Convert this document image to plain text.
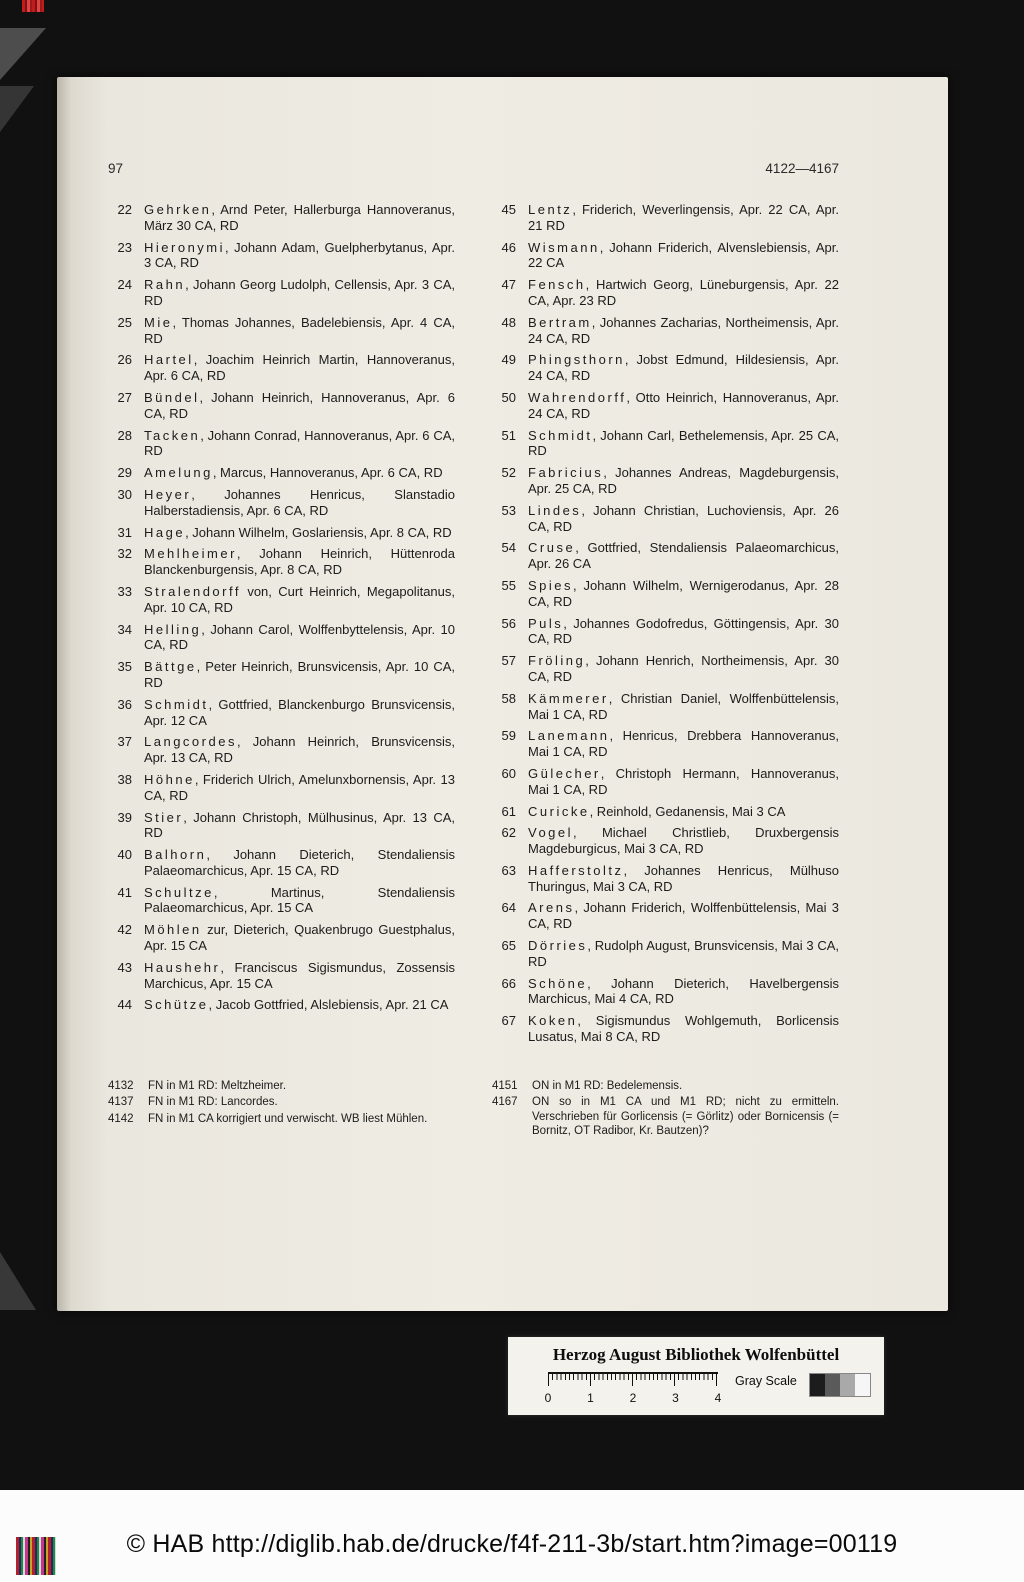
97	4122—4167
22 Gehrken, Arnd Peter, Hallerburga Hannoveranus, März 30 CA, RD
23 Hieronymi, Johann Adam, Guelpherbytanus, Apr. 3 CA, RD
24 Rahn, Johann Georg Ludolph, Cellensis, Apr. 3 CA, RD
25 Mie, Thomas Johannes, Badelebiensis, Apr. 4 CA, RD
26 Hartel, Joachim Heinrich Martin, Hannoveranus, Apr. 6 CA, RD
27 Bündel, Johann Heinrich, Hannoveranus, Apr. 6 CA, RD
28 Tacken, Johann Conrad, Hannoveranus, Apr. 6 CA, RD
29 Amelung, Marcus, Hannoveranus, Apr. 6 CA, RD
30 Heyer, Johannes Henricus, Slanstadio Halberstadiensis, Apr. 6 CA, RD
31 Hage, Johann Wilhelm, Goslariensis, Apr. 8 CA, RD
32 Mehlheimer, Johann Heinrich, Hüttenroda Blanckenburgensis, Apr. 8 CA, RD
33 Stralendorff von, Curt Heinrich, Megapolitanus, Apr. 10 CA, RD
34 Helling, Johann Carol, Wolffenbyttelensis, Apr. 10 CA, RD
35 Bättge, Peter Heinrich, Brunsvicensis, Apr. 10 CA, RD
36 Schmidt, Gottfried, Blanckenburgo Brunsvicensis, Apr. 12 CA
37 Langcordes, Johann Heinrich, Brunsvicensis, Apr. 13 CA, RD
38 Höhne, Friderich Ulrich, Amelunxbornensis, Apr. 13 CA, RD
39 Stier, Johann Christoph, Mülhusinus, Apr. 13 CA, RD
40 Balhorn, Johann Dieterich, Stendaliensis Palaeomarchicus, Apr. 15 CA, RD
41 Schultze, Martinus, Stendaliensis Palaeomarchicus, Apr. 15 CA
42 Möhlen zur, Dieterich, Quakenbrugo Guestphalus, Apr. 15 CA
43 Haushehr, Franciscus Sigismundus, Zossensis Marchicus, Apr. 15 CA
44 Schütze, Jacob Gottfried, Alslebiensis, Apr. 21 CA
45 Lentz, Friderich, Weverlingensis, Apr. 22 CA, Apr. 21 RD
46 Wismann, Johann Friderich, Alvenslebiensis, Apr. 22 CA
47 Fensch, Hartwich Georg, Lüneburgensis, Apr. 22 CA, Apr. 23 RD
48 Bertram, Johannes Zacharias, Northeimensis, Apr. 24 CA, RD
49 Phingsthorn, Jobst Edmund, Hildesiensis, Apr. 24 CA, RD
50 Wahrendorff, Otto Heinrich, Hannoveranus, Apr. 24 CA, RD
51 Schmidt, Johann Carl, Bethelemensis, Apr. 25 CA, RD
52 Fabricius, Johannes Andreas, Magdeburgensis, Apr. 25 CA, RD
53 Lindes, Johann Christian, Luchoviensis, Apr. 26 CA, RD
54 Cruse, Gottfried, Stendaliensis Palaeomarchicus, Apr. 26 CA
55 Spies, Johann Wilhelm, Wernigerodanus, Apr. 28 CA, RD
56 Puls, Johannes Godofredus, Göttingensis, Apr. 30 CA, RD
57 Fröling, Johann Henrich, Northeimensis, Apr. 30 CA, RD
58 Kämmerer, Christian Daniel, Wolffenbüttelensis, Mai 1 CA, RD
59 Lanemann, Henricus, Drebbera Hannoveranus, Mai 1 CA, RD
60 Gülecher, Christoph Hermann, Hannoveranus, Mai 1 CA, RD
61 Curicke, Reinhold, Gedanensis, Mai 3 CA
62 Vogel, Michael Christlieb, Druxbergensis Magdeburgicus, Mai 3 CA, RD
63 Hafferstoltz, Johannes Henricus, Mülhuso Thuringus, Mai 3 CA, RD
64 Arens, Johann Friderich, Wolffenbüttelensis, Mai 3 CA, RD
65 Dörries, Rudolph August, Brunsvicensis, Mai 3 CA, RD
66 Schöne, Johann Dieterich, Havelbergensis Marchicus, Mai 4 CA, RD
67 Koken, Sigismundus Wohlgemuth, Borlicensis Lusatus, Mai 8 CA, RD
4132	FN in M1 RD: Meltzheimer.
4137	FN in M1 RD: Lancordes.
4142	FN in M1 CA korrigiert und verwischt. WB liest Mühlen.
4151	ON in M1 RD: Bedelemensis.
4167	ON so in M1 CA und M1 RD; nicht zu ermitteln. Verschrieben für Gorlicensis (= Görlitz) oder Bornicensis (= Bornitz, OT Radibor, Kr. Bautzen)?
Herzog August Bibliothek Wolfenbüttel
0	1	2	3	4
Gray Scale
© HAB http://diglib.hab.de/drucke/f4f-211-3b/start.htm?image=00119
